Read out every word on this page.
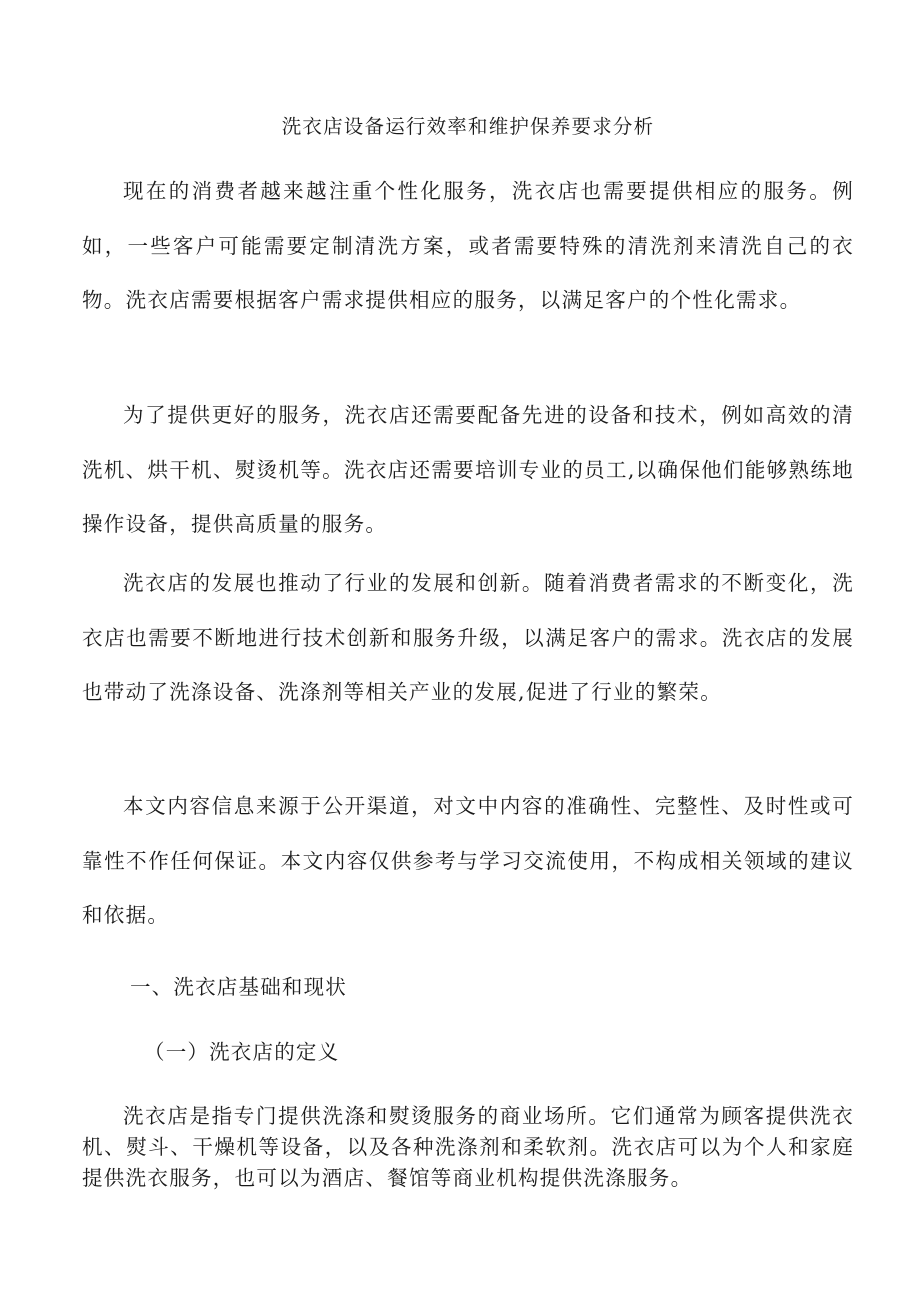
洗衣店设备运行效率和维护保养要求分析

现在的消费者越来越注重个性化服务，洗衣店也需要提供相应的服务。例如，一些客户可能需要定制清洗方案，或者需要特殊的清洗剂来清洗自己的衣物。洗衣店需要根据客户需求提供相应的服务，以满足客户的个性化需求。

为了提供更好的服务，洗衣店还需要配备先进的设备和技术，例如高效的清洗机、烘干机、熨烫机等。洗衣店还需要培训专业的员工,以确保他们能够熟练地操作设备，提供高质量的服务。

洗衣店的发展也推动了行业的发展和创新。随着消费者需求的不断变化，洗衣店也需要不断地进行技术创新和服务升级，以满足客户的需求。洗衣店的发展也带动了洗涤设备、洗涤剂等相关产业的发展,促进了行业的繁荣。

本文内容信息来源于公开渠道，对文中内容的准确性、完整性、及时性或可靠性不作任何保证。本文内容仅供参考与学习交流使用，不构成相关领域的建议和依据。

一、洗衣店基础和现状
（一）洗衣店的定义

洗衣店是指专门提供洗涤和熨烫服务的商业场所。它们通常为顾客提供洗衣机、熨斗、干燥机等设备，以及各种洗涤剂和柔软剂。洗衣店可以为个人和家庭提供洗衣服务，也可以为酒店、餐馆等商业机构提供洗涤服务。
